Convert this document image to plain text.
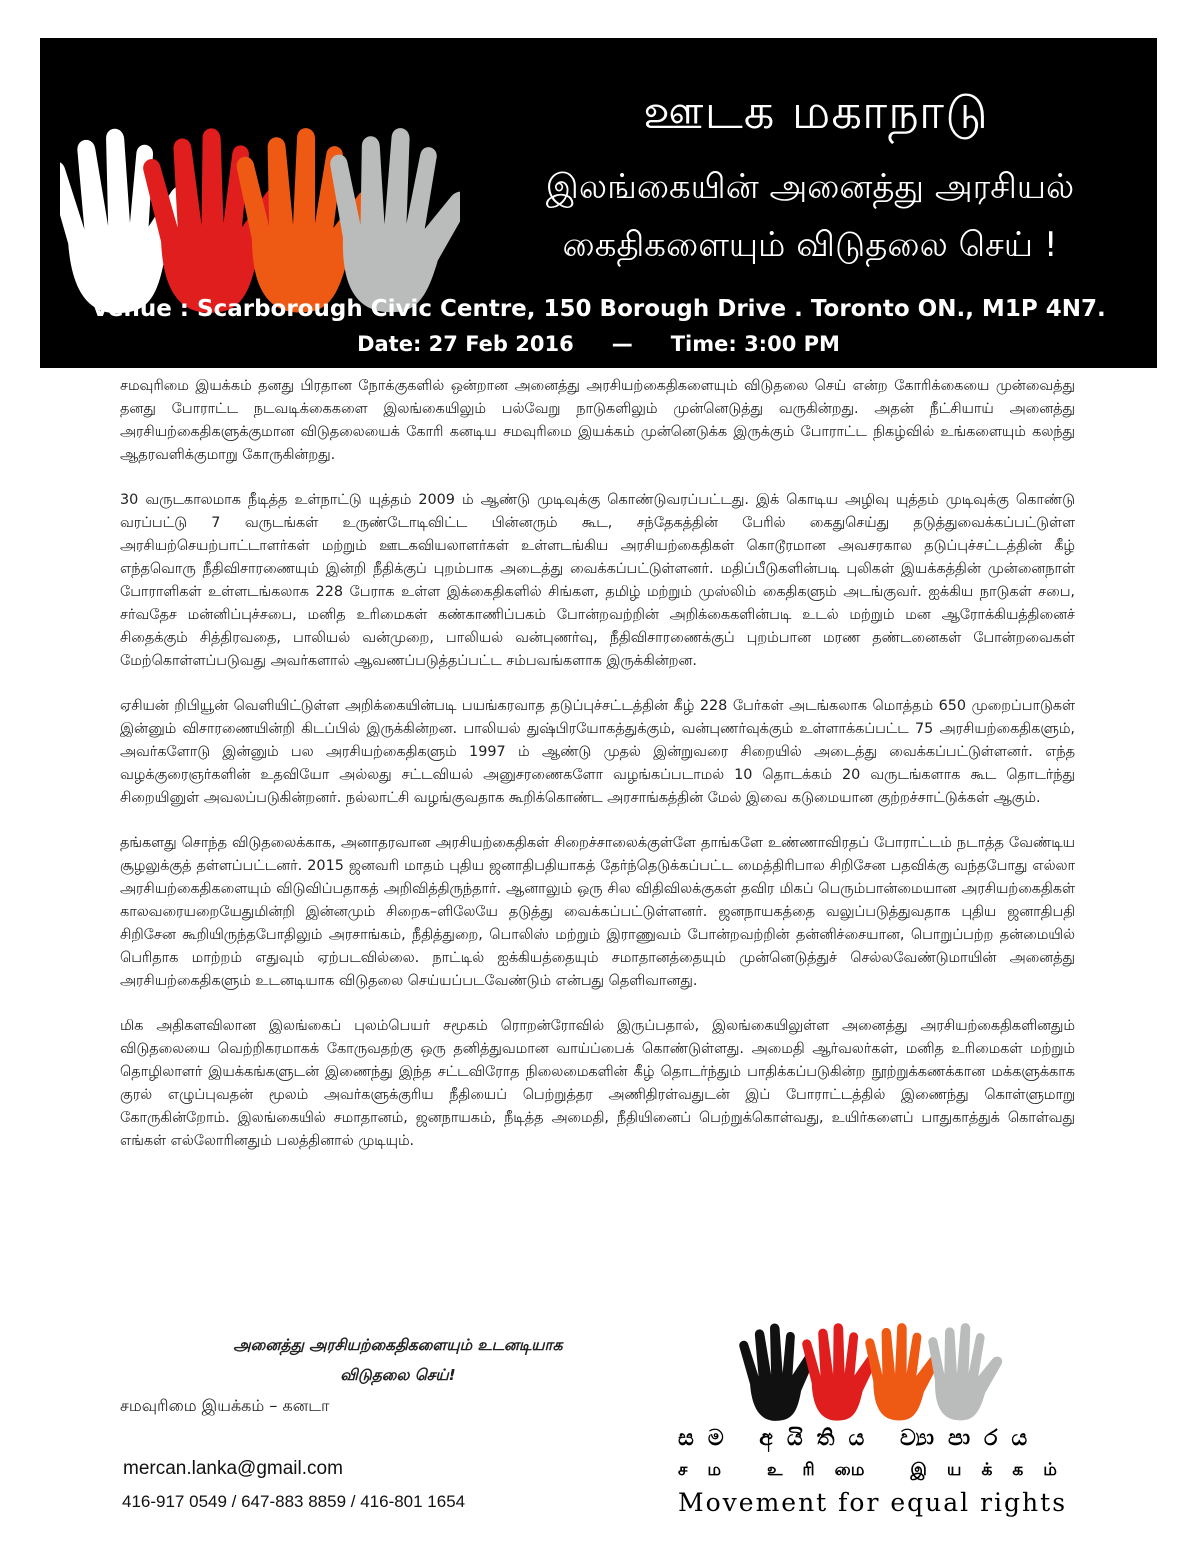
ஊடக மகாநாடு
இலங்கையின் அனைத்து அரசியல்
கைதிகளையும் விடுதலை செய் !
Venue : Scarborough Civic Centre, 150 Borough Drive . Toronto ON., M1P 4N7.
Date: 27 Feb 2016 — Time: 3:00 PM

சமவுரிமை இயக்கம் தனது பிரதான நோக்குகளில் ஒன்றான அனைத்து அரசியற்கைதிகளையும் விடுதலை செய் என்ற கோரிக்கையை முன்வைத்து தனது போராட்ட நடவடிக்கைகளை இலங்கையிலும் பல்வேறு நாடுகளிலும் முன்னெடுத்து வருகின்றது. அதன் நீட்சியாய் அனைத்து அரசியற்கைதிகளுக்குமான விடுதலையைக் கோரி கனடிய சமவுரிமை இயக்கம் முன்னெடுக்க இருக்கும் போராட்ட நிகழ்வில் உங்களையும் கலந்து ஆதரவளிக்குமாறு கோருகின்றது.

30 வருடகாலமாக நீடித்த உள்நாட்டு யுத்தம் 2009 ம் ஆண்டு முடிவுக்கு கொண்டுவரப்பட்டது. இக் கொடிய அழிவு யுத்தம் முடிவுக்கு கொண்டு வரப்பட்டு 7 வருடங்கள் உருண்டோடிவிட்ட பின்னரும் கூட, சந்தேகத்தின் பேரில் கைதுசெய்து தடுத்துவைக்கப்பட்டுள்ள அரசியற்செயற்பாட்டாளர்கள் மற்றும் ஊடகவியலாளர்கள் உள்ளடங்கிய அரசியற்கைதிகள் கொடூரமான அவசரகால தடுப்புச்சட்டத்தின் கீழ் எந்தவொரு நீதிவிசாரணையும் இன்றி நீதிக்குப் புறம்பாக அடைத்து வைக்கப்பட்டுள்ளனர். மதிப்பீடுகளின்படி புலிகள் இயக்கத்தின் முன்னைநாள் போராளிகள் உள்ளடங்கலாக 228 பேராக உள்ள இக்கைதிகளில் சிங்கள, தமிழ் மற்றும் முஸ்லிம் கைதிகளும் அடங்குவர். ஐக்கிய நாடுகள் சபை, சர்வதேச மன்னிப்புச்சபை, மனித உரிமைகள் கண்காணிப்பகம் போன்றவற்றின் அறிக்கைகளின்படி உடல் மற்றும் மன ஆரோக்கியத்தினைச் சிதைக்கும் சித்திரவதை, பாலியல் வன்முறை, பாலியல் வன்புணர்வு, நீதிவிசாரணைக்குப் புறம்பான மரண தண்டனைகள் போன்றவைகள் மேற்கொள்ளப்படுவது அவர்களால் ஆவணப்படுத்தப்பட்ட சம்பவங்களாக இருக்கின்றன.

ஏசியன் றிபியூன் வெளியிட்டுள்ள அறிக்கையின்படி பயங்கரவாத தடுப்புச்சட்டத்தின் கீழ் 228 பேர்கள் அடங்கலாக மொத்தம் 650 முறைப்பாடுகள் இன்னும் விசாரணையின்றி கிடப்பில் இருக்கின்றன. பாலியல் துஷ்பிரயோகத்துக்கும், வன்புணர்வுக்கும் உள்ளாக்கப்பட்ட 75 அரசியற்கைதிகளும், அவர்களோடு இன்னும் பல அரசியற்கைதிகளும் 1997 ம் ஆண்டு முதல் இன்றுவரை சிறையில் அடைத்து வைக்கப்பட்டுள்ளனர். எந்த வழக்குரைஞர்களின் உதவியோ அல்லது சட்டவியல் அனுசரணைகளோ வழங்கப்படாமல் 10 தொடக்கம் 20 வருடங்களாக கூட தொடர்ந்து சிறையினுள் அவலப்படுகின்றனர். நல்லாட்சி வழங்குவதாக கூறிக்கொண்ட அரசாங்கத்தின் மேல் இவை கடுமையான குற்றச்சாட்டுக்கள் ஆகும்.

தங்களது சொந்த விடுதலைக்காக, அனாதரவான அரசியற்கைதிகள் சிறைச்சாலைக்குள்ளே தாங்களே உண்ணாவிரதப் போராட்டம் நடாத்த வேண்டிய சூழலுக்குத் தள்ளப்பட்டனர். 2015 ஜனவரி மாதம் புதிய ஜனாதிபதியாகத் தேர்ந்தெடுக்கப்பட்ட மைத்திரிபால சிறிசேன பதவிக்கு வந்தபோது எல்லா அரசியற்கைதிகளையும் விடுவிப்பதாகத் அறிவித்திருந்தார். ஆனாலும் ஒரு சில விதிவிலக்குகள் தவிர மிகப் பெரும்பான்மையான அரசியற்கைதிகள் காலவரையறையேதுமின்றி இன்னமும் சிறைக–ளிலேயே தடுத்து வைக்கப்பட்டுள்ளனர். ஜனநாயகத்தை வலுப்படுத்துவதாக புதிய ஜனாதிபதி சிறிசேன கூறியிருந்தபோதிலும் அரசாங்கம், நீதித்துறை, பொலிஸ் மற்றும் இராணுவம் போன்றவற்றின் தன்னிச்சையான, பொறுப்பற்ற தன்மையில் பெரிதாக மாற்றம் எதுவும் ஏற்படவில்லை. நாட்டில் ஐக்கியத்தையும் சமாதானத்தையும் முன்னெடுத்துச் செல்லவேண்டுமாயின் அனைத்து அரசியற்கைதிகளும் உடனடியாக விடுதலை செய்யப்படவேண்டும் என்பது தெளிவானது.

மிக அதிகளவிலான இலங்கைப் புலம்பெயர் சமூகம் ரொறன்ரோவில் இருப்பதால், இலங்கையிலுள்ள அனைத்து அரசியற்கைதிகளினதும் விடுதலையை வெற்றிகரமாகக் கோருவதற்கு ஒரு தனித்துவமான வாய்ப்பைக் கொண்டுள்ளது. அமைதி ஆர்வலர்கள், மனித உரிமைகள் மற்றும் தொழிலாளர் இயக்கங்களுடன் இணைந்து இந்த சட்டவிரோத நிலைமைகளின் கீழ் தொடர்ந்தும் பாதிக்கப்படுகின்ற நூற்றுக்கணக்கான மக்களுக்காக குரல் எழுப்புவதன் மூலம் அவர்களுக்குரிய நீதியைப் பெற்றுத்தர அணிதிரள்வதுடன் இப் போராட்டத்தில் இணைந்து கொள்ளுமாறு கோருகின்றோம். இலங்கையில் சமாதானம், ஜனநாயகம், நீடித்த அமைதி, நீதியினைப் பெற்றுக்கொள்வது, உயிர்களைப் பாதுகாத்துக் கொள்வது எங்கள் எல்லோரினதும் பலத்தினால் முடியும்.

அனைத்து அரசியற்கைதிகளையும் உடனடியாக
விடுதலை செய்!
சமவுரிமை இயக்கம் – கனடா
mercan.lanka@gmail.com
416-917 0549 / 647-883 8859 / 416-801 1654
සම අයිතිය ව්‍යාපාරය
சம உரிமை இயக்கம்
Movement for equal rights
